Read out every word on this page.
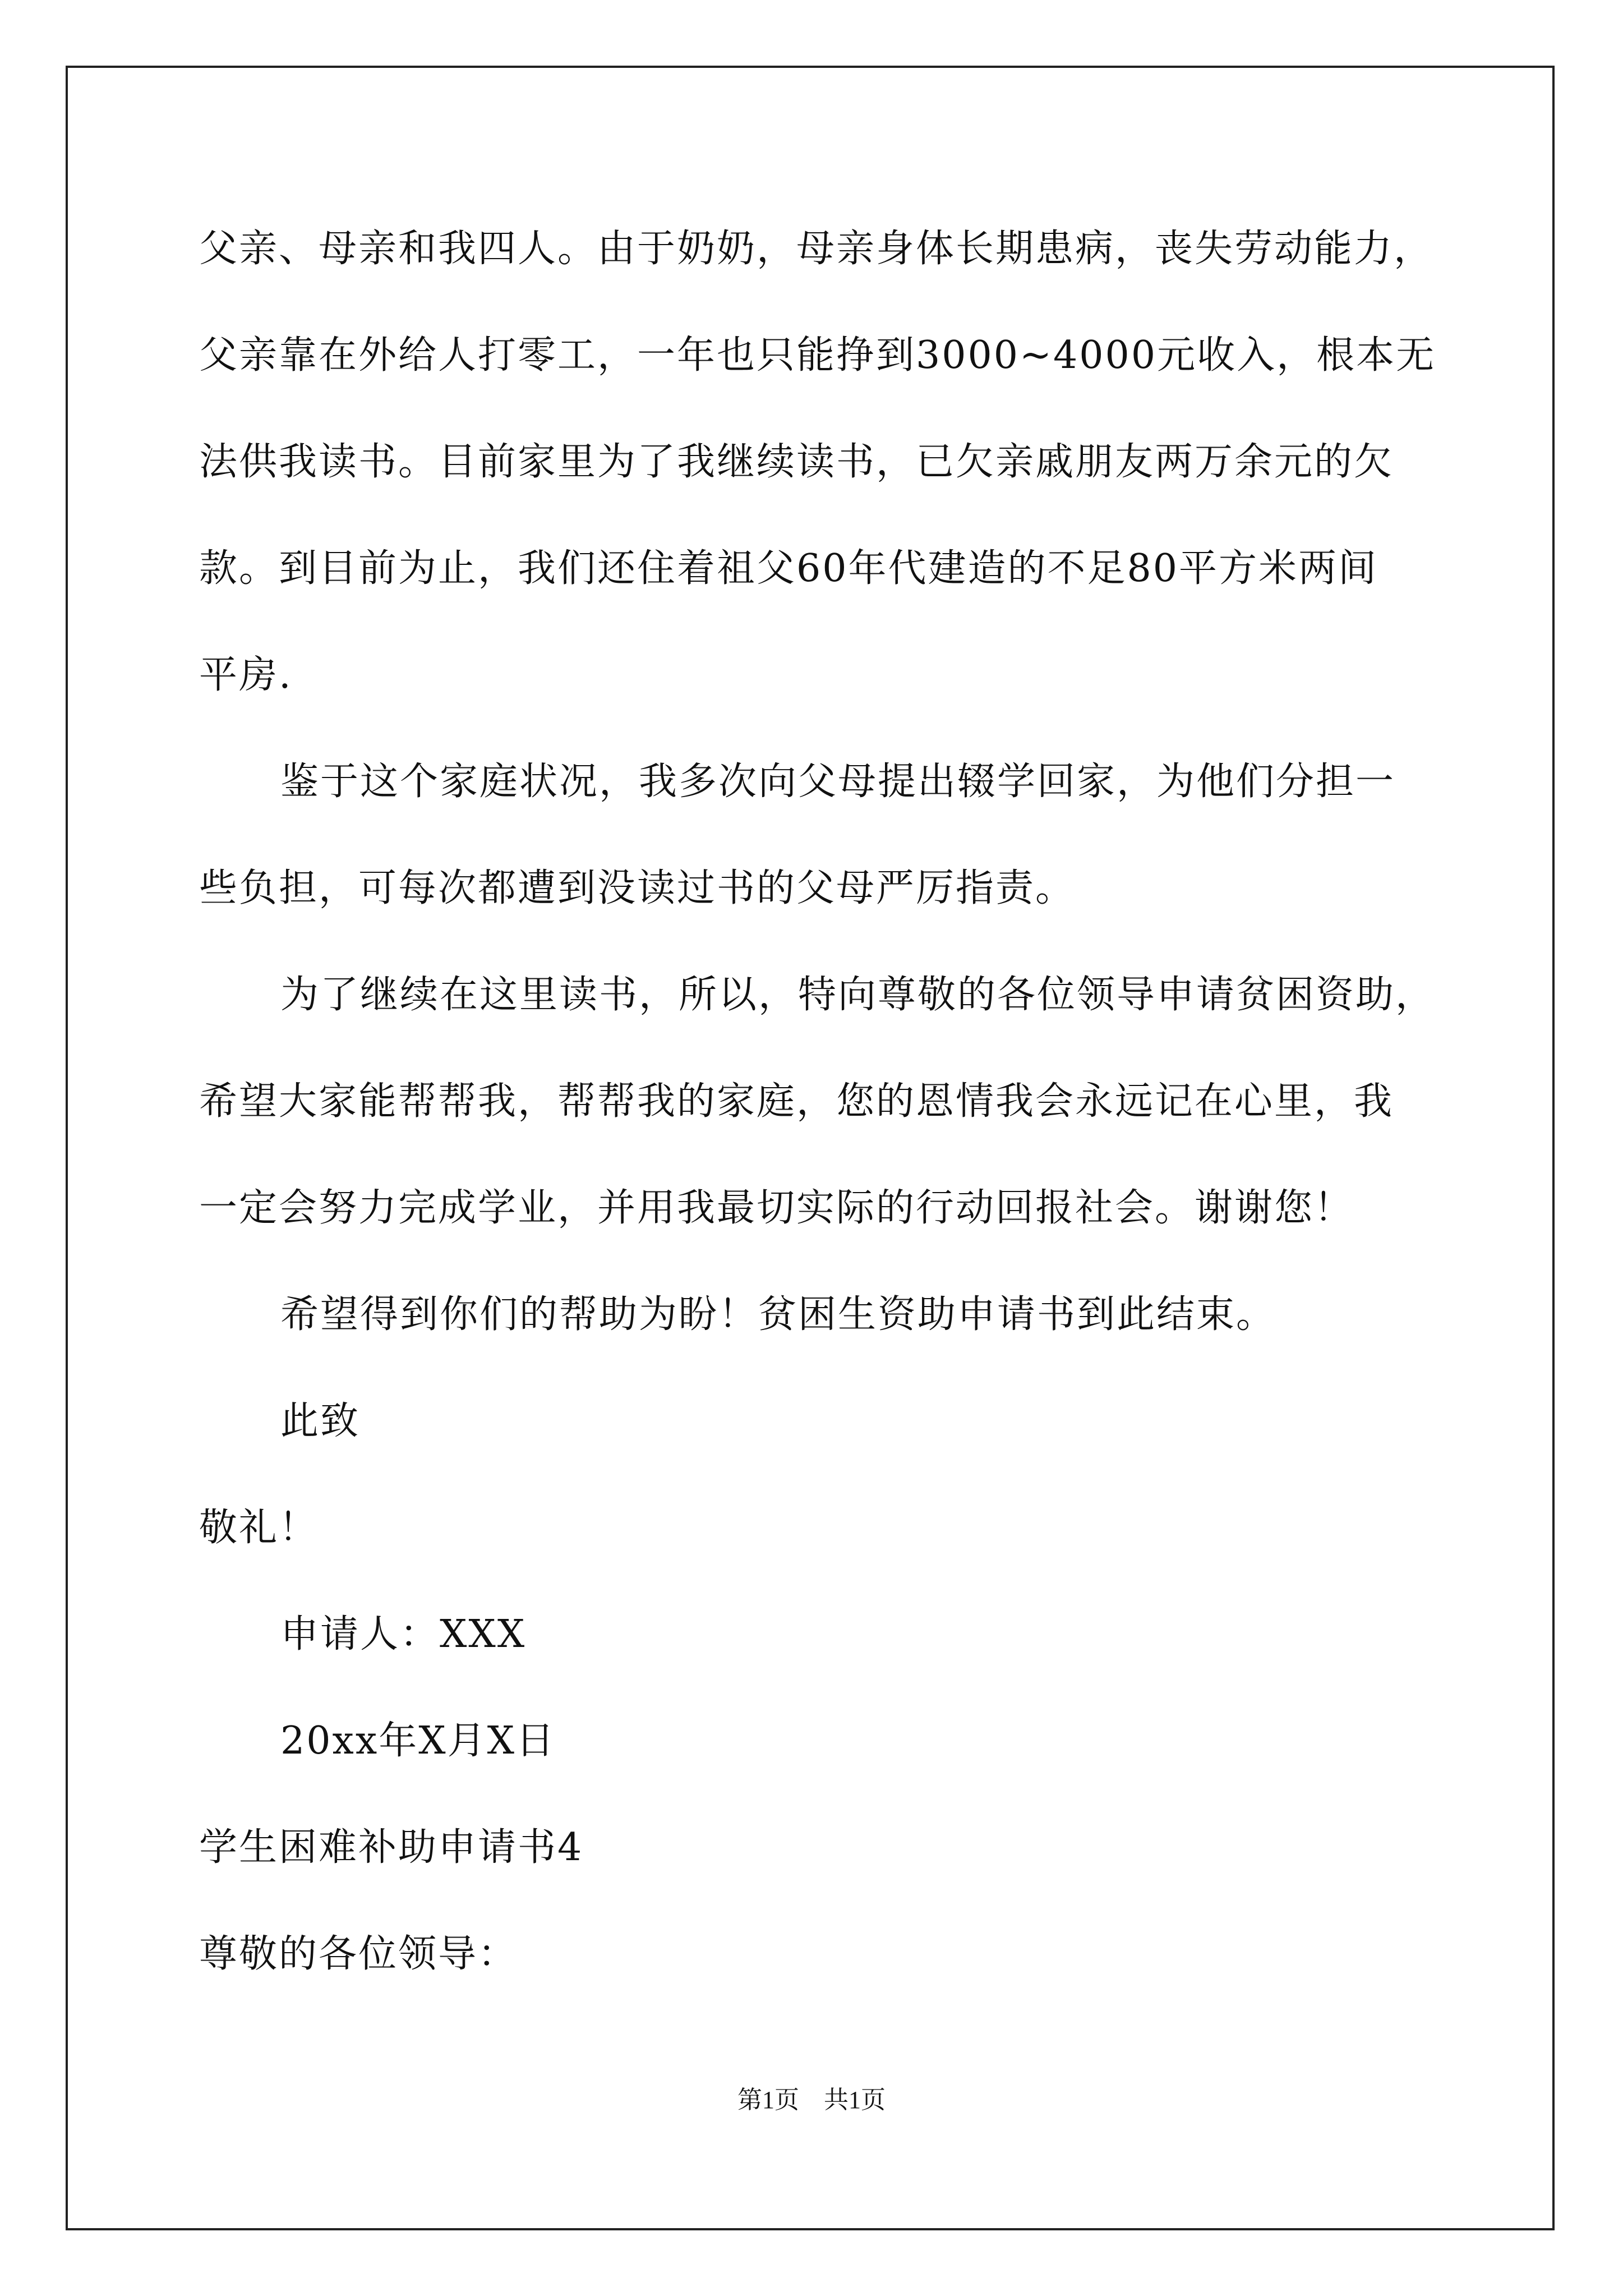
父亲、母亲和我四人。由于奶奶，母亲身体长期患病，丧失劳动能力，
父亲靠在外给人打零工，一年也只能挣到3000~4000元收入，根本无
法供我读书。目前家里为了我继续读书，已欠亲戚朋友两万余元的欠
款。到目前为止，我们还住着祖父60年代建造的不足80平方米两间
平房.
鉴于这个家庭状况，我多次向父母提出辍学回家，为他们分担一
些负担，可每次都遭到没读过书的父母严厉指责。
为了继续在这里读书，所以，特向尊敬的各位领导申请贫困资助，
希望大家能帮帮我，帮帮我的家庭，您的恩情我会永远记在心里，我
一定会努力完成学业，并用我最切实际的行动回报社会。谢谢您！
希望得到你们的帮助为盼！贫困生资助申请书到此结束。
此致
敬礼！
申请人：XXX
20xx年X月X日
学生困难补助申请书4
尊敬的各位领导：
第1页　共1页
